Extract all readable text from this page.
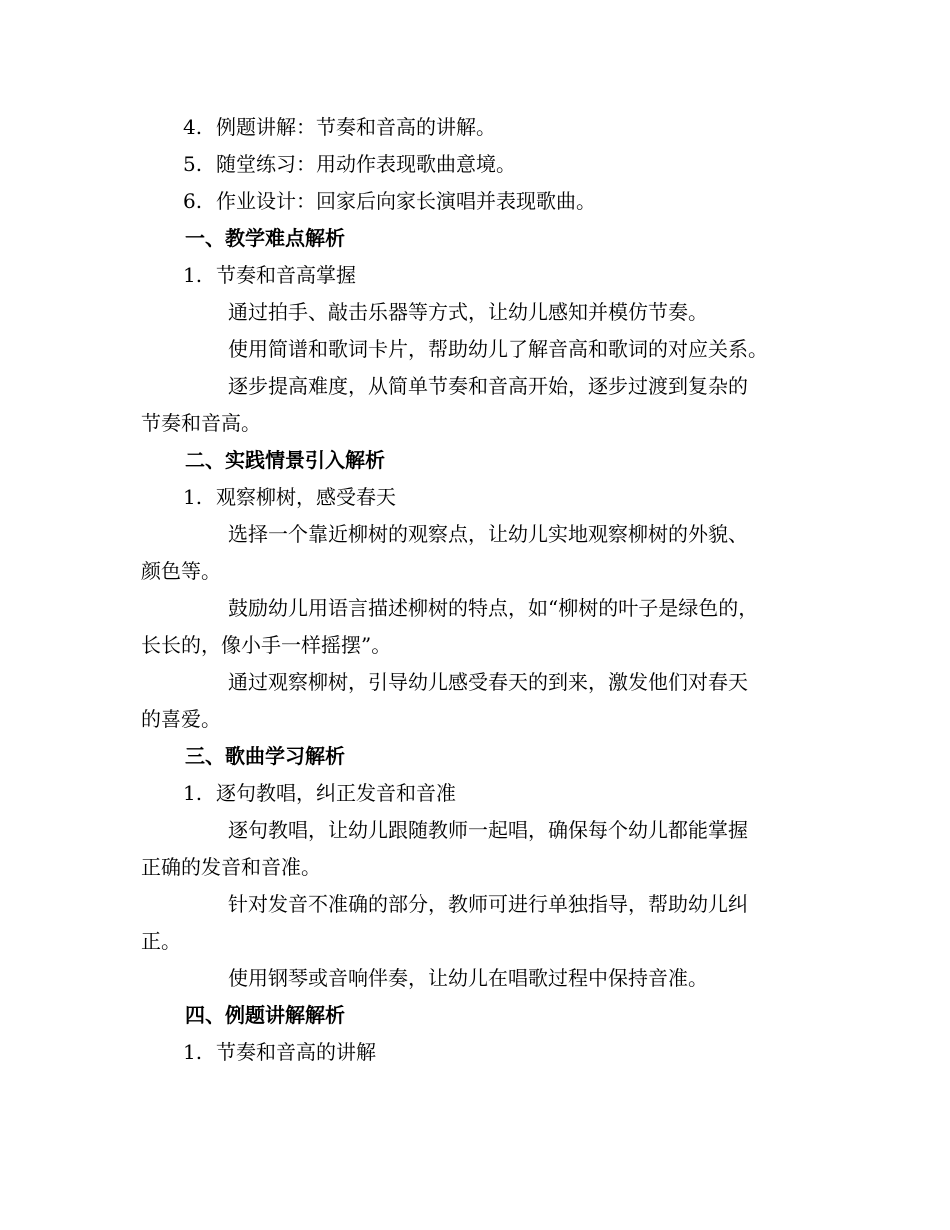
4. 例题讲解：节奏和音高的讲解。
5. 随堂练习：用动作表现歌曲意境。
6. 作业设计：回家后向家长演唱并表现歌曲。
一、教学难点解析
1. 节奏和音高掌握
通过拍手、敲击乐器等方式，让幼儿感知并模仿节奏。
使用简谱和歌词卡片，帮助幼儿了解音高和歌词的对应关系。
逐步提高难度，从简单节奏和音高开始，逐步过渡到复杂的
节奏和音高。
二、实践情景引入解析
1. 观察柳树，感受春天
选择一个靠近柳树的观察点，让幼儿实地观察柳树的外貌、
颜色等。
鼓励幼儿用语言描述柳树的特点，如“柳树的叶子是绿色的，
长长的，像小手一样摇摆”。
通过观察柳树，引导幼儿感受春天的到来，激发他们对春天
的喜爱。
三、歌曲学习解析
1. 逐句教唱，纠正发音和音准
逐句教唱，让幼儿跟随教师一起唱，确保每个幼儿都能掌握
正确的发音和音准。
针对发音不准确的部分，教师可进行单独指导，帮助幼儿纠
正。
使用钢琴或音响伴奏，让幼儿在唱歌过程中保持音准。
四、例题讲解解析
1. 节奏和音高的讲解
